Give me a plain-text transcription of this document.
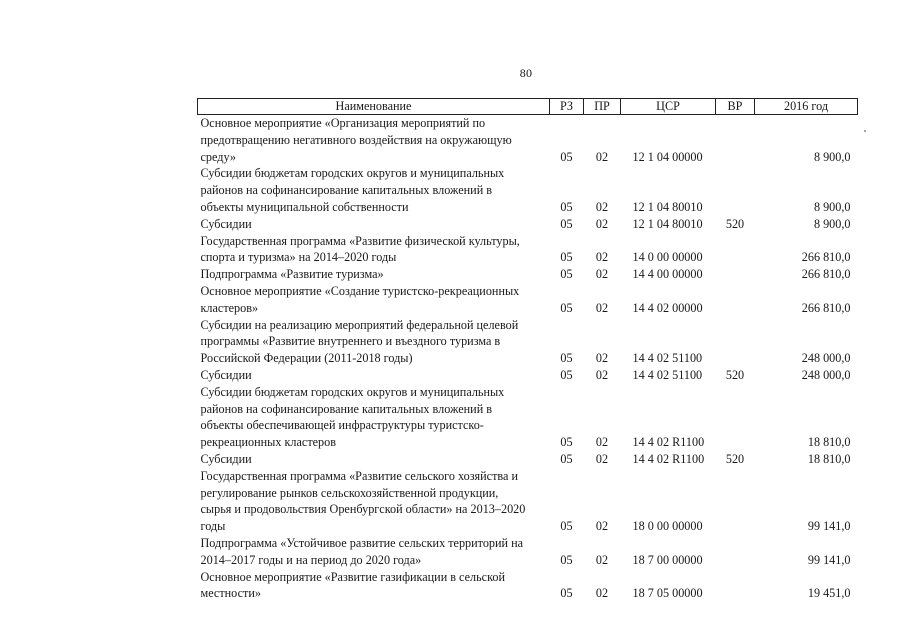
80
Наименование	РЗ	ПР	ЦСР	ВР	2016 год
Основное мероприятие «Организация мероприятий по
предотвращению негативного воздействия на окружающую
среду»	05	02	12 1 04 00000		8 900,0
Субсидии бюджетам городских округов и муниципальных
районов на софинансирование капитальных вложений в
объекты муниципальной собственности	05	02	12 1 04 80010		8 900,0
Субсидии	05	02	12 1 04 80010	520	8 900,0
Государственная программа «Развитие физической культуры,
спорта и туризма» на 2014–2020 годы	05	02	14 0 00 00000		266 810,0
Подпрограмма «Развитие туризма»	05	02	14 4 00 00000		266 810,0
Основное мероприятие «Создание туристско-рекреационных
кластеров»	05	02	14 4 02 00000		266 810,0
Субсидии на реализацию мероприятий федеральной целевой
программы «Развитие внутреннего и въездного туризма в
Российской Федерации (2011-2018 годы)	05	02	14 4 02 51100		248 000,0
Субсидии	05	02	14 4 02 51100	520	248 000,0
Субсидии бюджетам городских округов и муниципальных
районов на софинансирование капитальных вложений в
объекты обеспечивающей инфраструктуры туристско-
рекреационных кластеров	05	02	14 4 02 R1100		18 810,0
Субсидии	05	02	14 4 02 R1100	520	18 810,0
Государственная программа «Развитие сельского хозяйства и
регулирование рынков сельскохозяйственной продукции,
сырья и продовольствия Оренбургской области» на 2013–2020
годы	05	02	18 0 00 00000		99 141,0
Подпрограмма «Устойчивое развитие сельских территорий на
2014–2017 годы и на период до 2020 года»	05	02	18 7 00 00000		99 141,0
Основное мероприятие «Развитие газификации в сельской
местности»	05	02	18 7 05 00000		19 451,0
